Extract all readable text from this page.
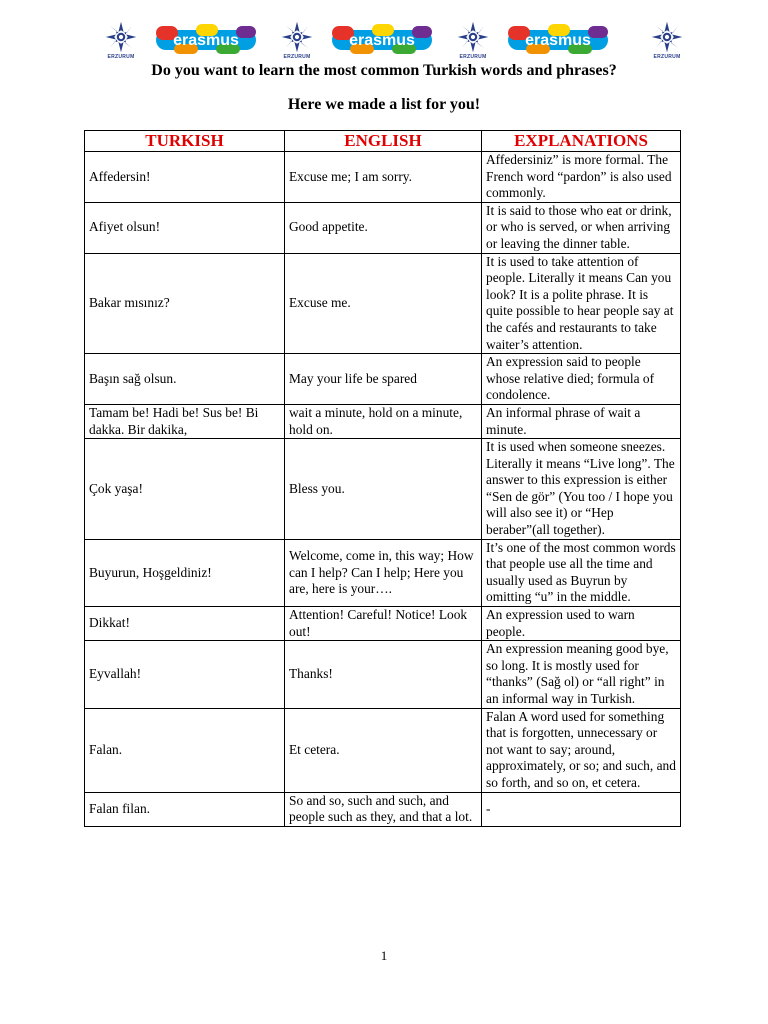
ERZURUM
erasmus
ERZURUM
erasmus
ERZURUM
erasmus
ERZURUM
Do you want to learn the most common Turkish words and phrases?
Here we made a list for you!
TURKISH	ENGLISH	EXPLANATIONS
Affedersin!	Excuse me; I am sorry.	Affedersiniz” is more formal. The French word “pardon” is also used commonly.
Afiyet olsun!	Good appetite.	It is said to those who eat or drink, or who is served, or when arriving or leaving the dinner table.
Bakar mısınız?	Excuse me.	It is used to take attention of people. Literally it means Can you look? It is a polite phrase. It is quite possible to hear people say at the cafés and restaurants to take waiter’s attention.
Başın sağ olsun.	May your life be spared	An expression said to people whose relative died; formula of condolence.
Tamam be! Hadi be! Sus be! Bi dakka. Bir dakika,	wait a minute, hold on a minute, hold on.	An informal phrase of wait a minute.
Çok yaşa!	Bless you.	It is used when someone sneezes. Literally it means “Live long”. The answer to this expression is either “Sen de gör” (You too / I hope you will also see it) or “Hep beraber”(all together).
Buyurun, Hoşgeldiniz!	Welcome, come in, this way; How can I help? Can I help; Here you are, here is your….	It’s one of the most common words that people use all the time and usually used as Buyrun by omitting “u” in the middle.
Dikkat!	Attention! Careful! Notice! Look out!	An expression used to warn people.
Eyvallah!	Thanks!	An expression meaning good bye, so long. It is mostly used for “thanks” (Sağ ol) or “all right” in an informal way in Turkish.
Falan.	Et cetera.	Falan A word used for something that is forgotten, unnecessary or not want to say; around, approximately, or so; and such, and so forth, and so on, et cetera.
Falan filan.	So and so, such and such, and people such as they, and that a lot.	-
1
